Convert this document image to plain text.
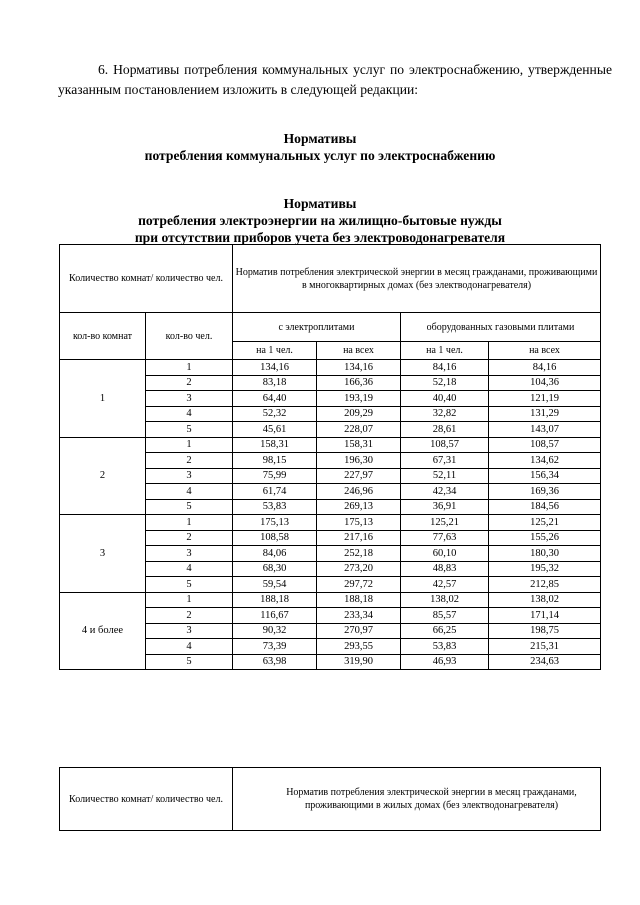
6. Нормативы потребления коммунальных услуг по электроснабжению, утвержденные указанным постановлением изложить в следующей редакции:

Нормативы
потребления коммунальных услуг по электроснабжению
Нормативы
потребления электроэнергии на жилищно-бытовые нужды
при отсутствии приборов учета без электроводонагревателя
Количество комнат/ количество чел.		Норматив потребления электрической энергии в месяц гражданами, проживающими в многоквартирных домах (без электводонагревателя)			
кол-во комнат	кол-во чел.	с электроплитами		оборудованных газовыми плитами	
		на 1 чел.	на всех	на 1 чел.	на всех
1	1	134,16	134,16	84,16	84,16
	2	83,18	166,36	52,18	104,36
	3	64,40	193,19	40,40	121,19
	4	52,32	209,29	32,82	131,29
	5	45,61	228,07	28,61	143,07
2	1	158,31	158,31	108,57	108,57
	2	98,15	196,30	67,31	134,62
	3	75,99	227,97	52,11	156,34
	4	61,74	246,96	42,34	169,36
	5	53,83	269,13	36,91	184,56
3	1	175,13	175,13	125,21	125,21
	2	108,58	217,16	77,63	155,26
	3	84,06	252,18	60,10	180,30
	4	68,30	273,20	48,83	195,32
	5	59,54	297,72	42,57	212,85
4 и более	1	188,18	188,18	138,02	138,02
	2	116,67	233,34	85,57	171,14
	3	90,32	270,97	66,25	198,75
	4	73,39	293,55	53,83	215,31
	5	63,98	319,90	46,93	234,63
Количество комнат/ количество чел.	Норматив потребления электрической энергии в месяц гражданами, проживающими в жилых домах (без электводонагревателя)
